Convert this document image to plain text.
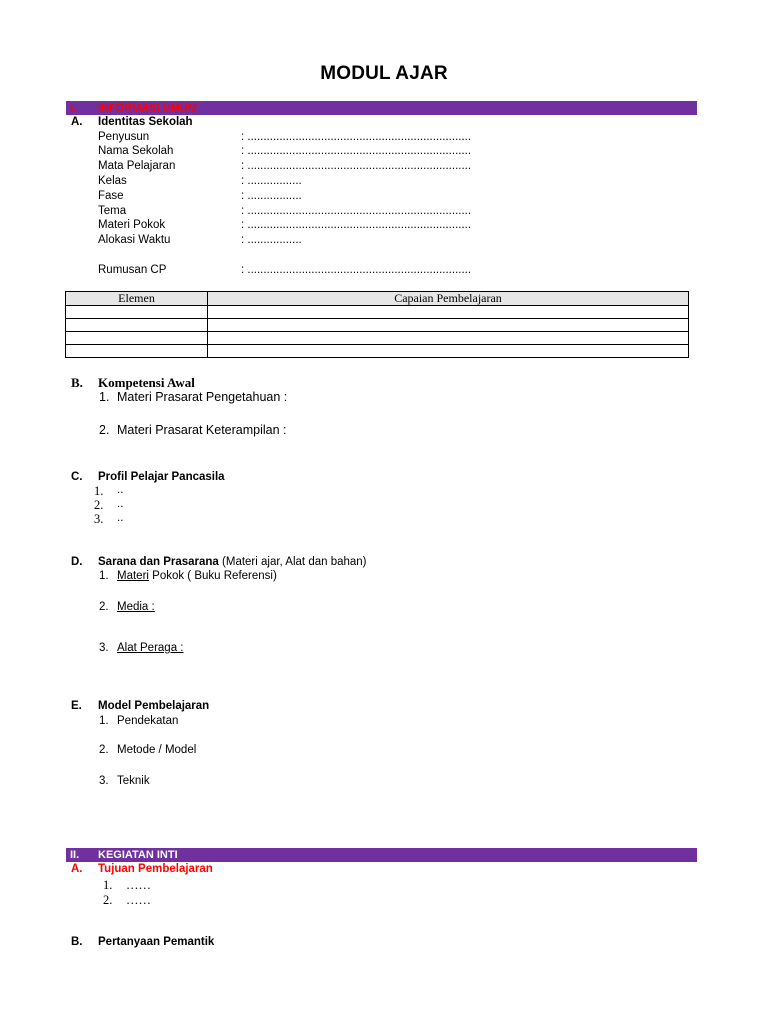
MODUL AJAR
I. INFORMASI UMUM
A. Identitas Sekolah
Penyusun	: ......................................................................
Nama Sekolah	: ......................................................................
Mata Pelajaran	: ......................................................................
Kelas	: .................
Fase	: .................
Tema	: ......................................................................
Materi Pokok	: ......................................................................
Alokasi Waktu	: .................
Rumusan CP	: ......................................................................
Elemen	Capaian Pembelajaran

B. Kompetensi Awal
1. Materi Prasarat Pengetahuan :
2. Materi Prasarat Keterampilan :
C. Profil Pelajar Pancasila
1. ..
2. ..
3. ..
D. Sarana dan Prasarana (Materi ajar, Alat dan bahan)
1. Materi Pokok ( Buku Referensi)
2. Media :
3. Alat Peraga :
E. Model Pembelajaran
1. Pendekatan
2. Metode / Model
3. Teknik
II. KEGIATAN INTI
A. Tujuan Pembelajaran
1. ……
2. ……
B. Pertanyaan Pemantik
